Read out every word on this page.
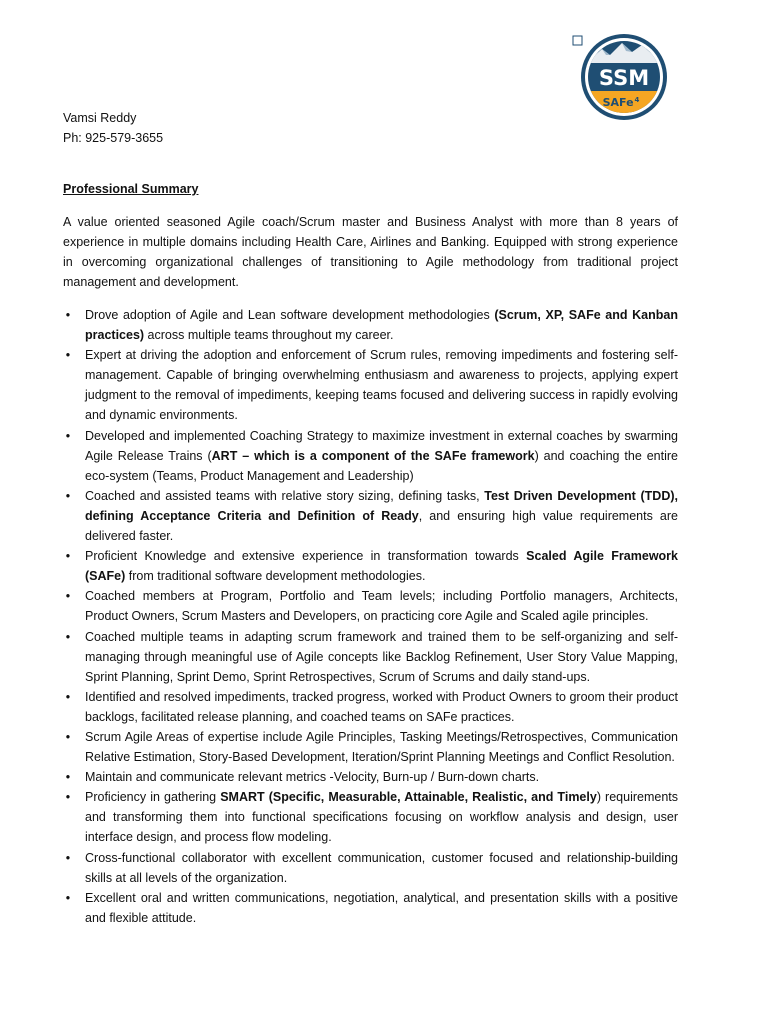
SSM
SAFe$^4$
Vamsi Reddy
Ph: 925-579-3655
Professional Summary

A value oriented seasoned Agile coach/Scrum master and Business Analyst with more than 8 years of experience in multiple domains including Health Care, Airlines and Banking. Equipped with strong experience in overcoming organizational challenges of transitioning to Agile methodology from traditional project management and development.

• Drove adoption of Agile and Lean software development methodologies (Scrum, XP, SAFe and Kanban practices) across multiple teams throughout my career.
• Expert at driving the adoption and enforcement of Scrum rules, removing impediments and fostering self-management. Capable of bringing overwhelming enthusiasm and awareness to projects, applying expert judgment to the removal of impediments, keeping teams focused and delivering success in rapidly evolving and dynamic environments.
• Developed and implemented Coaching Strategy to maximize investment in external coaches by swarming Agile Release Trains (ART – which is a component of the SAFe framework) and coaching the entire eco-system (Teams, Product Management and Leadership)
• Coached and assisted teams with relative story sizing, defining tasks, Test Driven Development (TDD), defining Acceptance Criteria and Definition of Ready, and ensuring high value requirements are delivered faster.
• Proficient Knowledge and extensive experience in transformation towards Scaled Agile Framework (SAFe) from traditional software development methodologies.
• Coached members at Program, Portfolio and Team levels; including Portfolio managers, Architects, Product Owners, Scrum Masters and Developers, on practicing core Agile and Scaled agile principles.
• Coached multiple teams in adapting scrum framework and trained them to be self-organizing and self-managing through meaningful use of Agile concepts like Backlog Refinement, User Story Value Mapping, Sprint Planning, Sprint Demo, Sprint Retrospectives, Scrum of Scrums and daily stand-ups.
• Identified and resolved impediments, tracked progress, worked with Product Owners to groom their product backlogs, facilitated release planning, and coached teams on SAFe practices.
• Scrum Agile Areas of expertise include Agile Principles, Tasking Meetings/Retrospectives, Communication Relative Estimation, Story-Based Development, Iteration/Sprint Planning Meetings and Conflict Resolution.
• Maintain and communicate relevant metrics -Velocity, Burn-up / Burn-down charts.
• Proficiency in gathering SMART (Specific, Measurable, Attainable, Realistic, and Timely) requirements and transforming them into functional specifications focusing on workflow analysis and design, user interface design, and process flow modeling.
• Cross-functional collaborator with excellent communication, customer focused and relationship-building skills at all levels of the organization.
• Excellent oral and written communications, negotiation, analytical, and presentation skills with a positive and flexible attitude.
